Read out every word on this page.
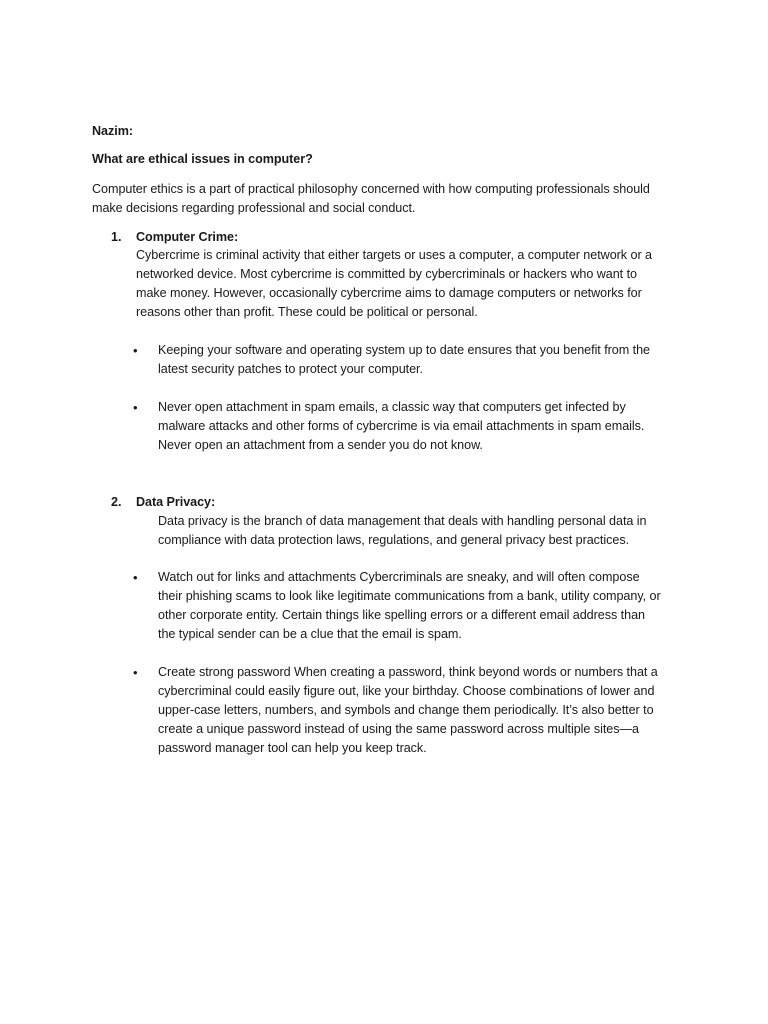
Nazim:
What are ethical issues in computer?
Computer ethics is a part of practical philosophy concerned with how computing professionals should
make decisions regarding professional and social conduct.
1. Computer Crime:
Cybercrime is criminal activity that either targets or uses a computer, a computer network or a
networked device. Most cybercrime is committed by cybercriminals or hackers who want to
make money. However, occasionally cybercrime aims to damage computers or networks for
reasons other than profit. These could be political or personal.
• Keeping your software and operating system up to date ensures that you benefit from the
latest security patches to protect your computer.
• Never open attachment in spam emails, a classic way that computers get infected by
malware attacks and other forms of cybercrime is via email attachments in spam emails.
Never open an attachment from a sender you do not know.
2. Data Privacy:
Data privacy is the branch of data management that deals with handling personal data in
compliance with data protection laws, regulations, and general privacy best practices.
• Watch out for links and attachments Cybercriminals are sneaky, and will often compose
their phishing scams to look like legitimate communications from a bank, utility company, or
other corporate entity. Certain things like spelling errors or a different email address than
the typical sender can be a clue that the email is spam.
• Create strong password When creating a password, think beyond words or numbers that a
cybercriminal could easily figure out, like your birthday. Choose combinations of lower and
upper-case letters, numbers, and symbols and change them periodically. It’s also better to
create a unique password instead of using the same password across multiple sites—a
password manager tool can help you keep track.
